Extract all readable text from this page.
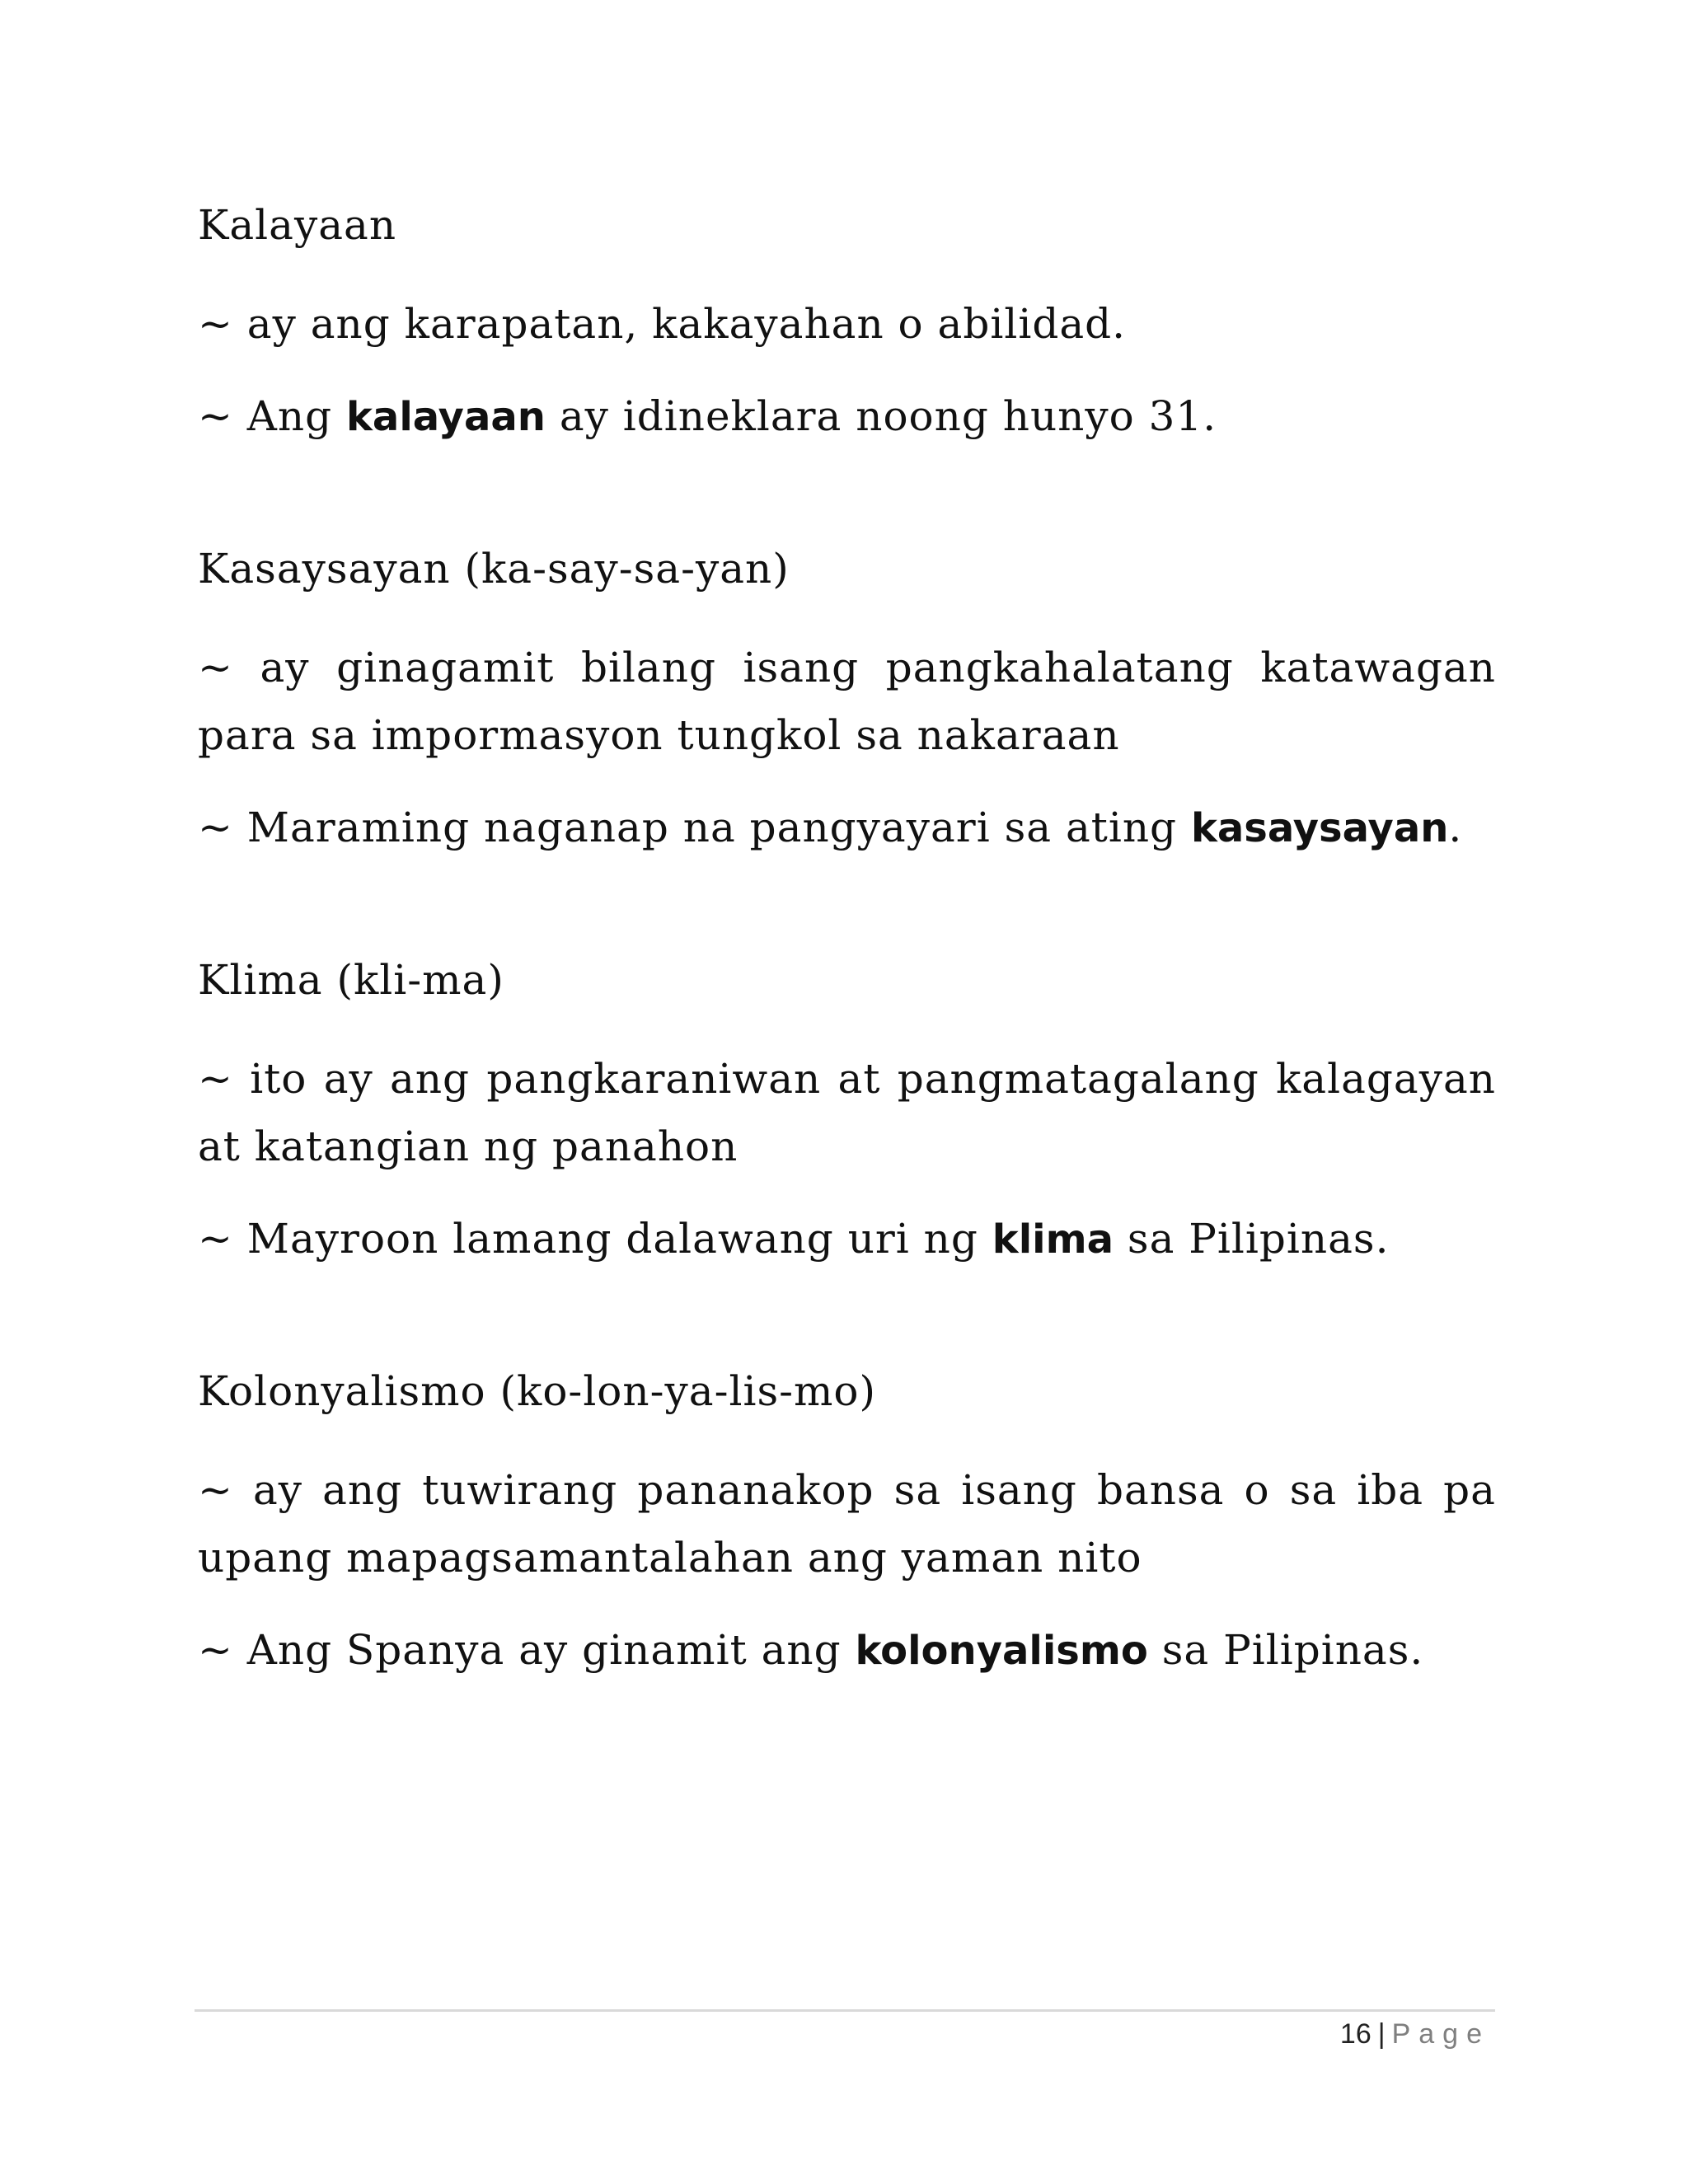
Kalayaan
~ ay ang karapatan, kakayahan o abilidad.
~ Ang kalayaan ay idineklara noong hunyo 31.
Kasaysayan (ka-say-sa-yan)
~ ay ginagamit bilang isang pangkahalatang katawagan para sa impormasyon tungkol sa nakaraan
~ Maraming naganap na pangyayari sa ating kasaysayan.
Klima (kli-ma)
~ ito ay ang pangkaraniwan at pangmatagalang kalagayan at katangian ng panahon
~ Mayroon lamang dalawang uri ng klima sa Pilipinas.
Kolonyalismo (ko-lon-ya-lis-mo)
~ ay ang tuwirang pananakop sa isang bansa o sa iba pa upang mapagsamantalahan ang yaman nito
~ Ang Spanya ay ginamit ang kolonyalismo sa Pilipinas.
16 | Page
